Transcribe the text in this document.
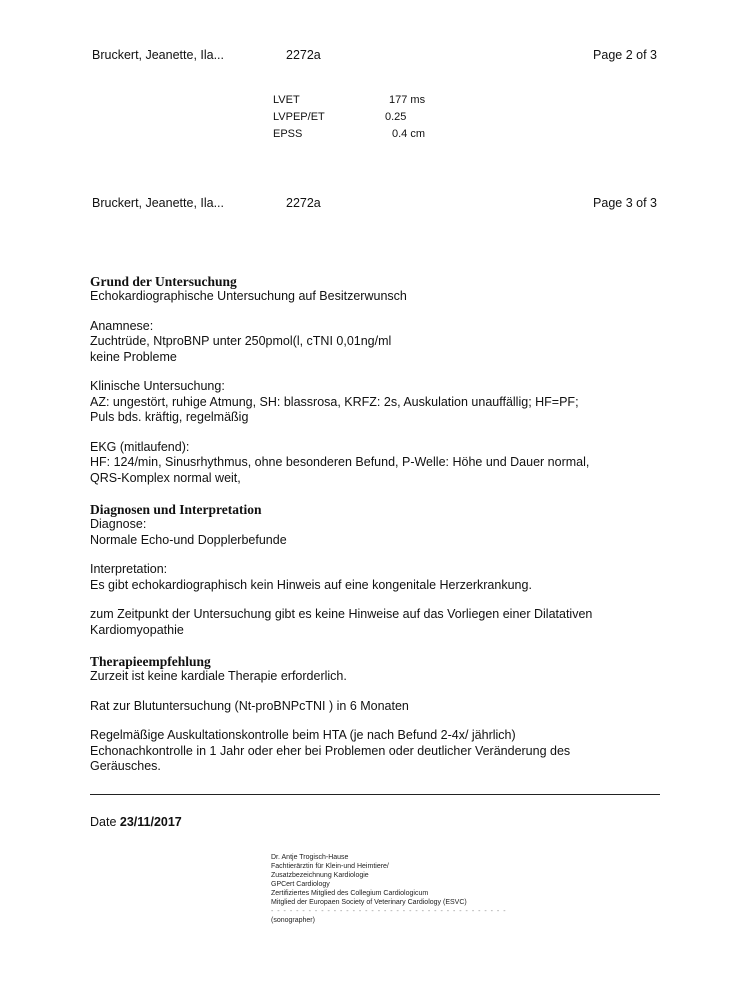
Bruckert, Jeanette, Ila...	2272a	Page 2 of 3
LVET	177 ms
LVPEP/ET	0.25
EPSS	0.4 cm
Bruckert, Jeanette, Ila...	2272a	Page 3 of 3

Grund der Untersuchung

Echokardiographische Untersuchung auf Besitzerwunsch

Anamnese:

Zuchtrüde, NtproBNP unter 250pmol(l, cTNI 0,01ng/ml

keine Probleme

Klinische Untersuchung:

AZ: ungestört, ruhige Atmung, SH: blassrosa, KRFZ: 2s, Auskulation unauffällig; HF=PF;

Puls bds. kräftig, regelmäßig

EKG (mitlaufend):

HF: 124/min, Sinusrhythmus, ohne besonderen Befund, P-Welle: Höhe und Dauer normal,

QRS-Komplex normal weit,

Diagnosen und Interpretation

Diagnose:

Normale Echo-und Dopplerbefunde

Interpretation:

Es gibt echokardiographisch kein Hinweis auf eine kongenitale Herzerkrankung.

zum Zeitpunkt der Untersuchung gibt es keine Hinweise auf das Vorliegen einer Dilatativen

Kardiomyopathie

Therapieempfehlung

Zurzeit ist keine kardiale Therapie erforderlich.

Rat zur Blutuntersuchung (Nt-proBNPcTNI ) in 6 Monaten

Regelmäßige Auskultationskontrolle beim HTA (je nach Befund 2-4x/ jährlich)

Echonachkontrolle in 1 Jahr oder eher bei Problemen oder deutlicher Veränderung des

Geräusches.

Date 23/11/2017
Dr. Antje Trogisch-Hause
Fachtierärztin für Klein-und Heimtiere/
Zusatzbezeichnung Kardiologie
GPCert Cardiology
Zertifiziertes Mitglied des Collegium Cardiologicum
Mitglied der Europaen Society of Veterinary Cardiology (ESVC)
- - - - - - - - - - - - - - - - - - - - - - - - - - - - - - - - - - - - - -
(sonographer)
